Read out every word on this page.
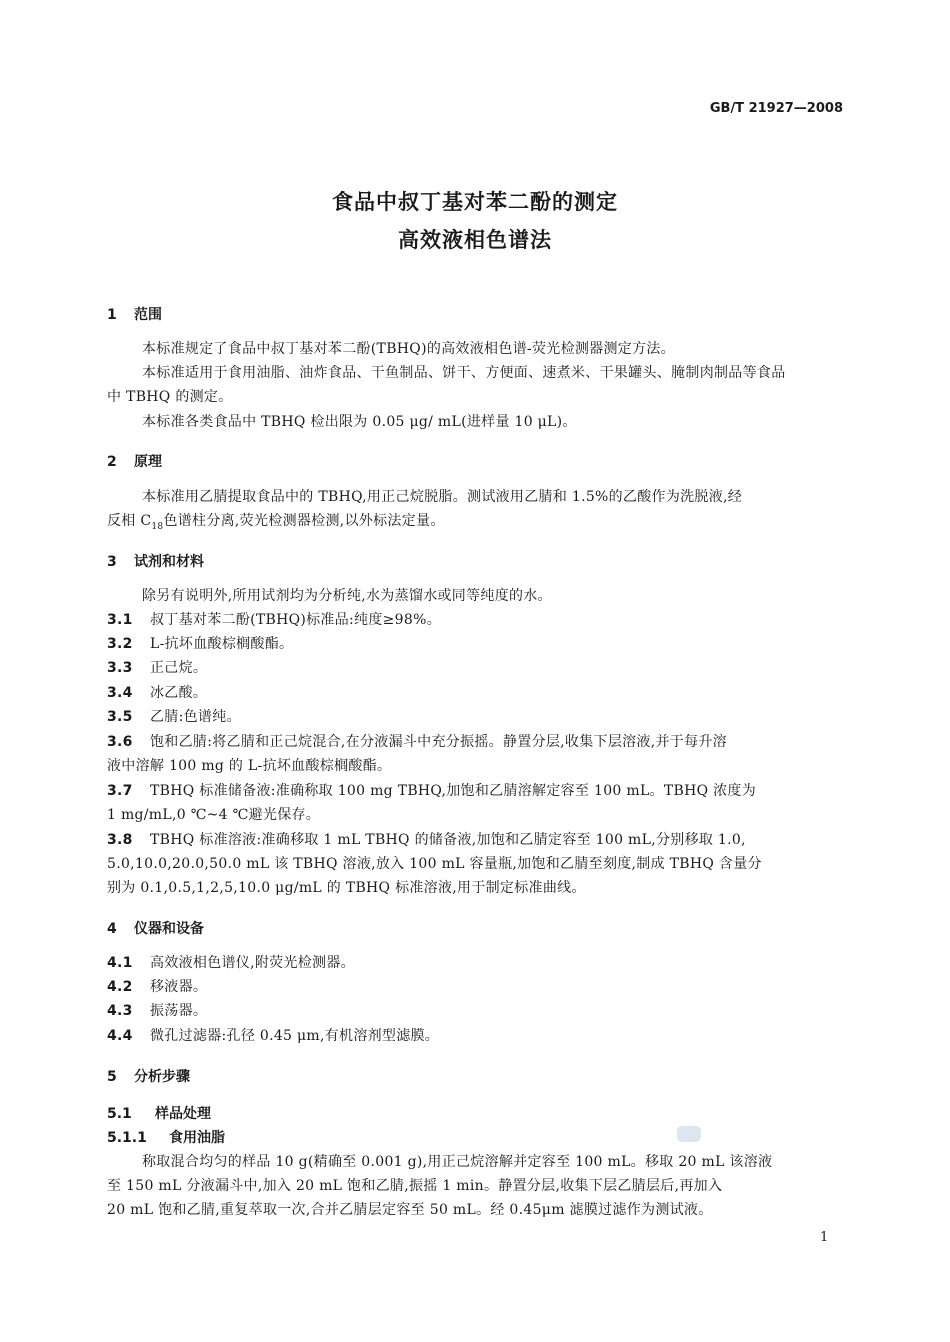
GB/T 21927—2008
食品中叔丁基对苯二酚的测定
高效液相色谱法
1 范围

本标准规定了食品中叔丁基对苯二酚(TBHQ)的高效液相色谱-荧光检测器测定方法。

本标准适用于食用油脂、油炸食品、干鱼制品、饼干、方便面、速煮米、干果罐头、腌制肉制品等食品

中 TBHQ 的测定。

本标准各类食品中 TBHQ 检出限为 0.05 μg/ mL(进样量 10 μL)。

2 原理

本标准用乙腈提取食品中的 TBHQ,用正己烷脱脂。测试液用乙腈和 1.5%的乙酸作为洗脱液,经

反相 $C_{18}$色谱柱分离,荧光检测器检测,以外标法定量。

3 试剂和材料

除另有说明外,所用试剂均为分析纯,水为蒸馏水或同等纯度的水。

3.1 叔丁基对苯二酚(TBHQ)标准品:纯度≥98%。

3.2 L-抗坏血酸棕榈酸酯。

3.3 正己烷。

3.4 冰乙酸。

3.5 乙腈:色谱纯。

3.6 饱和乙腈:将乙腈和正己烷混合,在分液漏斗中充分振摇。静置分层,收集下层溶液,并于每升溶

液中溶解 100 mg 的 L-抗坏血酸棕榈酸酯。

3.7 TBHQ 标准储备液:准确称取 100 mg TBHQ,加饱和乙腈溶解定容至 100 mL。TBHQ 浓度为

1 mg/mL,0 ℃~4 ℃避光保存。

3.8 TBHQ 标准溶液:准确移取 1 mL TBHQ 的储备液,加饱和乙腈定容至 100 mL,分别移取 1.0,

5.0,10.0,20.0,50.0 mL 该 TBHQ 溶液,放入 100 mL 容量瓶,加饱和乙腈至刻度,制成 TBHQ 含量分

别为 0.1,0.5,1,2,5,10.0 μg/mL 的 TBHQ 标准溶液,用于制定标准曲线。

4 仪器和设备

4.1 高效液相色谱仪,附荧光检测器。

4.2 移液器。

4.3 振荡器。

4.4 微孔过滤器:孔径 0.45 μm,有机溶剂型滤膜。

5 分析步骤
5.1 样品处理
5.1.1 食用油脂

称取混合均匀的样品 10 g(精确至 0.001 g),用正己烷溶解并定容至 100 mL。移取 20 mL 该溶液

至 150 mL 分液漏斗中,加入 20 mL 饱和乙腈,振摇 1 min。静置分层,收集下层乙腈层后,再加入

20 mL 饱和乙腈,重复萃取一次,合并乙腈层定容至 50 mL。经 0.45μm 滤膜过滤作为测试液。

1
